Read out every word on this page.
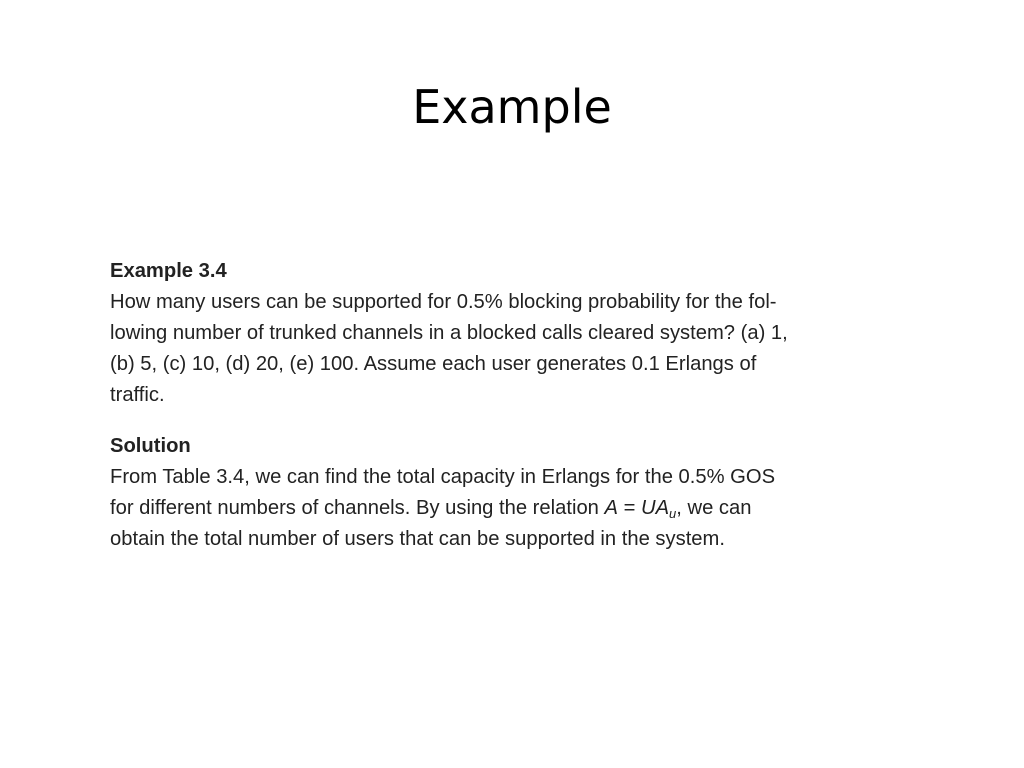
Example

Example 3.4

How many users can be supported for 0.5% blocking probability for the fol-

lowing number of trunked channels in a blocked calls cleared system? (a) 1,

(b) 5, (c) 10, (d) 20, (e) 100. Assume each user generates 0.1 Erlangs of

traffic.

Solution

From Table 3.4, we can find the total capacity in Erlangs for the 0.5% GOS

for different numbers of channels. By using the relation $A = UA_u$, we can

obtain the total number of users that can be supported in the system.
